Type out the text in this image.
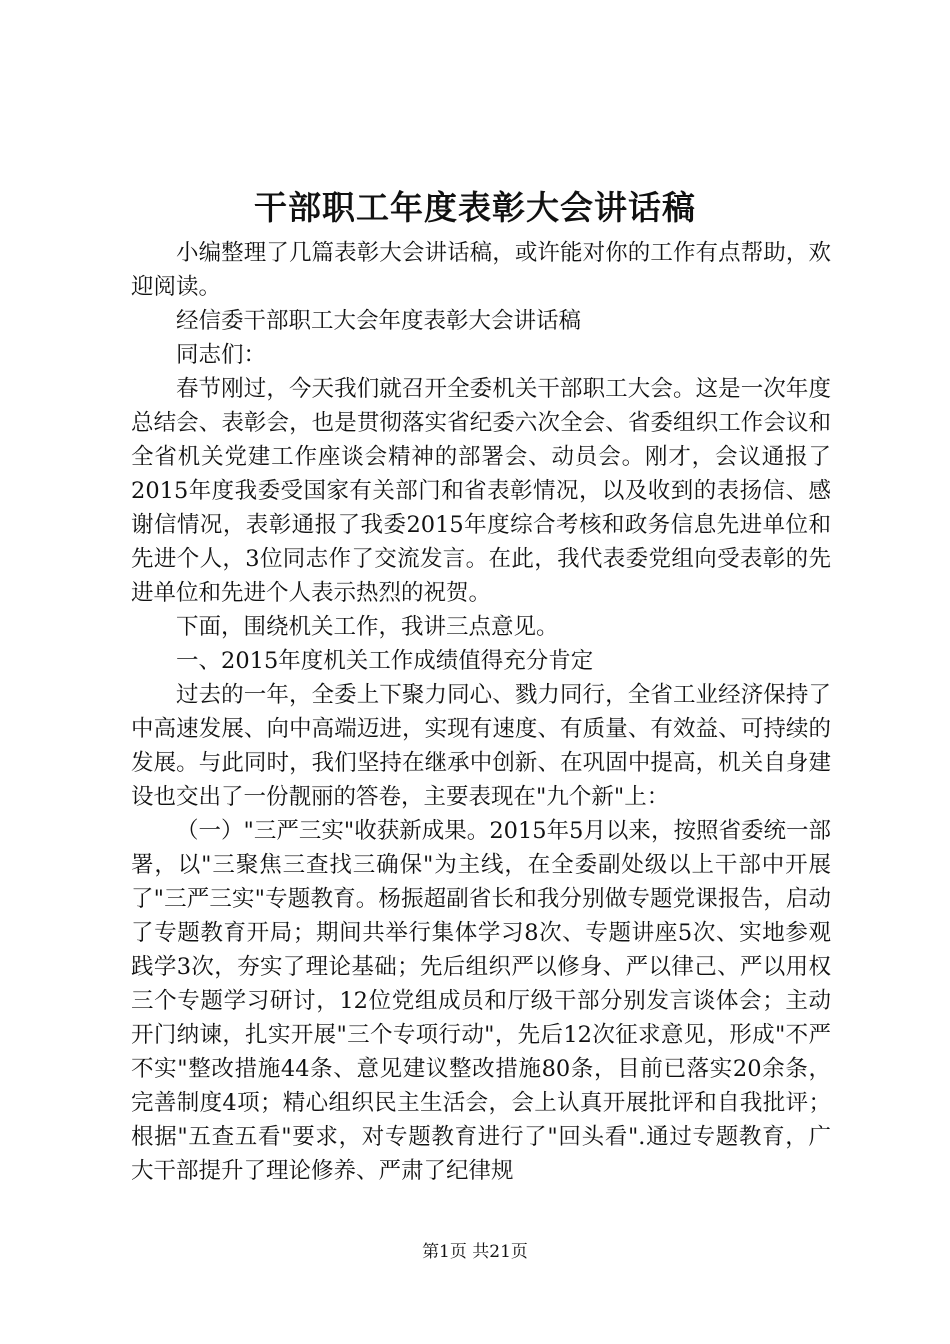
干部职工年度表彰大会讲话稿

小编整理了几篇表彰大会讲话稿，或许能对你的工作有点帮助，欢迎阅读。

经信委干部职工大会年度表彰大会讲话稿

同志们：

春节刚过，今天我们就召开全委机关干部职工大会。这是一次年度总结会、表彰会，也是贯彻落实省纪委六次全会、省委组织工作会议和全省机关党建工作座谈会精神的部署会、动员会。刚才，会议通报了2015年度我委受国家有关部门和省表彰情况，以及收到的表扬信、感谢信情况，表彰通报了我委2015年度综合考核和政务信息先进单位和先进个人，3位同志作了交流发言。在此，我代表委党组向受表彰的先进单位和先进个人表示热烈的祝贺。

下面，围绕机关工作，我讲三点意见。

一、2015年度机关工作成绩值得充分肯定

过去的一年，全委上下聚力同心、戮力同行，全省工业经济保持了中高速发展、向中高端迈进，实现有速度、有质量、有效益、可持续的发展。与此同时，我们坚持在继承中创新、在巩固中提高，机关自身建设也交出了一份靓丽的答卷，主要表现在"九个新"上：

（一）"三严三实"收获新成果。2015年5月以来，按照省委统一部署，以"三聚焦三查找三确保"为主线，在全委副处级以上干部中开展了"三严三实"专题教育。杨振超副省长和我分别做专题党课报告，启动了专题教育开局；期间共举行集体学习8次、专题讲座5次、实地参观践学3次，夯实了理论基础；先后组织严以修身、严以律己、严以用权三个专题学习研讨，12位党组成员和厅级干部分别发言谈体会；主动开门纳谏，扎实开展"三个专项行动"，先后12次征求意见，形成"不严不实"整改措施44条、意见建议整改措施80条，目前已落实20余条，完善制度4项；精心组织民主生活会，会上认真开展批评和自我批评；根据"五查五看"要求，对专题教育进行了"回头看".通过专题教育，广大干部提升了理论修养、严肃了纪律规

第1页 共21页
